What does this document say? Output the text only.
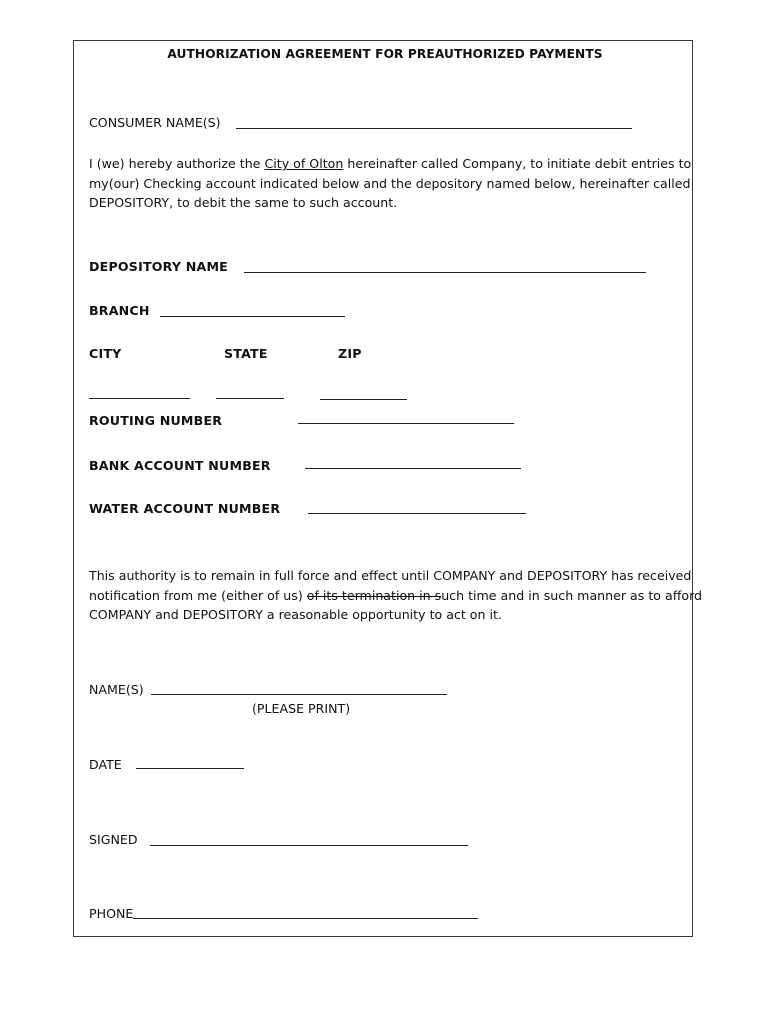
AUTHORIZATION AGREEMENT FOR PREAUTHORIZED PAYMENTS
CONSUMER NAME(S)
I (we) hereby authorize the City of Olton hereinafter called Company, to initiate debit entries to
my(our) Checking account indicated below and the depository named below, hereinafter called
DEPOSITORY, to debit the same to such account.
DEPOSITORY NAME
BRANCH
CITY	STATE	ZIP
ROUTING NUMBER
BANK ACCOUNT NUMBER
WATER ACCOUNT NUMBER
This authority is to remain in full force and effect until COMPANY and DEPOSITORY has received
notification from me (either of us) of its termination in such time and in such manner as to afford
COMPANY and DEPOSITORY a reasonable opportunity to act on it.
NAME(S)
(PLEASE PRINT)
DATE
SIGNED
PHONE
